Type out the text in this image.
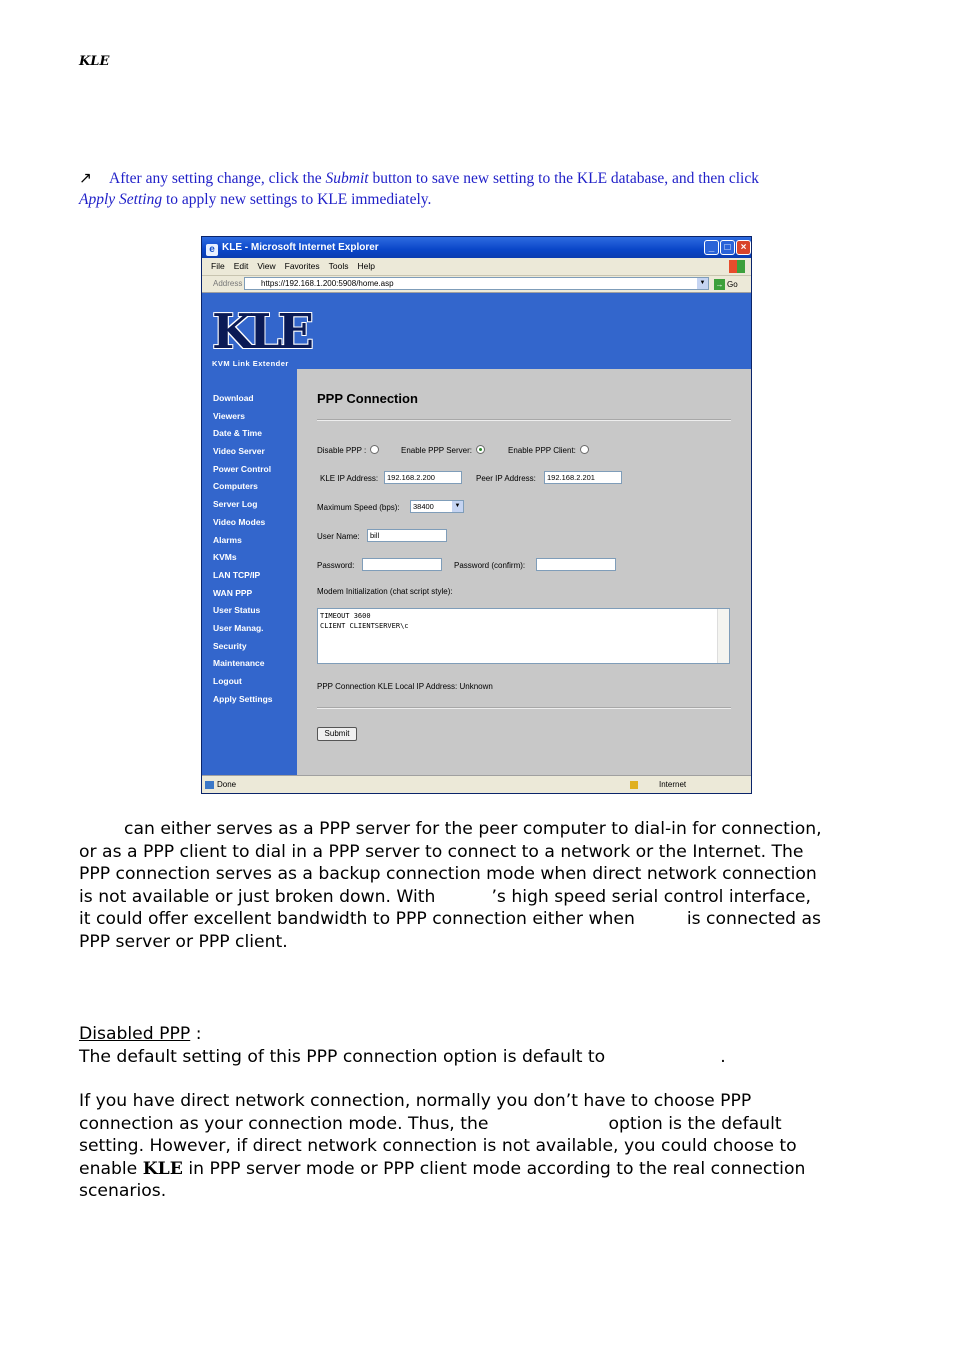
KLE
↗ After any setting change, click the Submit button to save new setting to the KLE database, and then click
Apply Setting to apply new settings to KLE immediately.
e KLE - Microsoft Internet Explorer	_	□	×
File Edit View Favorites Tools Help
Address	https://192.168.1.200:5908/home.asp	▼	→ Go
KLE
KVM Link Extender
Download
Viewers
Date & Time
Video Server
Power Control
Computers
Server Log
Video Modes
Alarms
KVMs
LAN TCP/IP
WAN PPP
User Status
User Manag.
Security
Maintenance
Logout
Apply Settings
PPP Connection
Disable PPP :	Enable PPP Server:	Enable PPP Client:
KLE IP Address:	192.168.2.200	Peer IP Address:	192.168.2.201
Maximum Speed (bps):	38400	▼
User Name:	bill
Password:	Password (confirm):
Modem Initialization (chat script style):
TIMEOUT 3600
CLIENT CLIENTSERVER\c
PPP Connection KLE Local IP Address: Unknown
Submit
Done	Internet
can either serves as a PPP server for the peer computer to dial-in for connection,
or as a PPP client to dial in a PPP server to connect to a network or the Internet. The
PPP connection serves as a backup connection mode when direct network connection
is not available or just broken down. With	’s high speed serial control interface,
it could offer excellent bandwidth to PPP connection either when	is connected as
PPP server or PPP client.
Disabled PPP :
The default setting of this PPP connection option is default to	.
If you have direct network connection, normally you don’t have to choose PPP
connection as your connection mode. Thus, the	option is the default
setting. However, if direct network connection is not available, you could choose to
enable KLE in PPP server mode or PPP client mode according to the real connection
scenarios.
